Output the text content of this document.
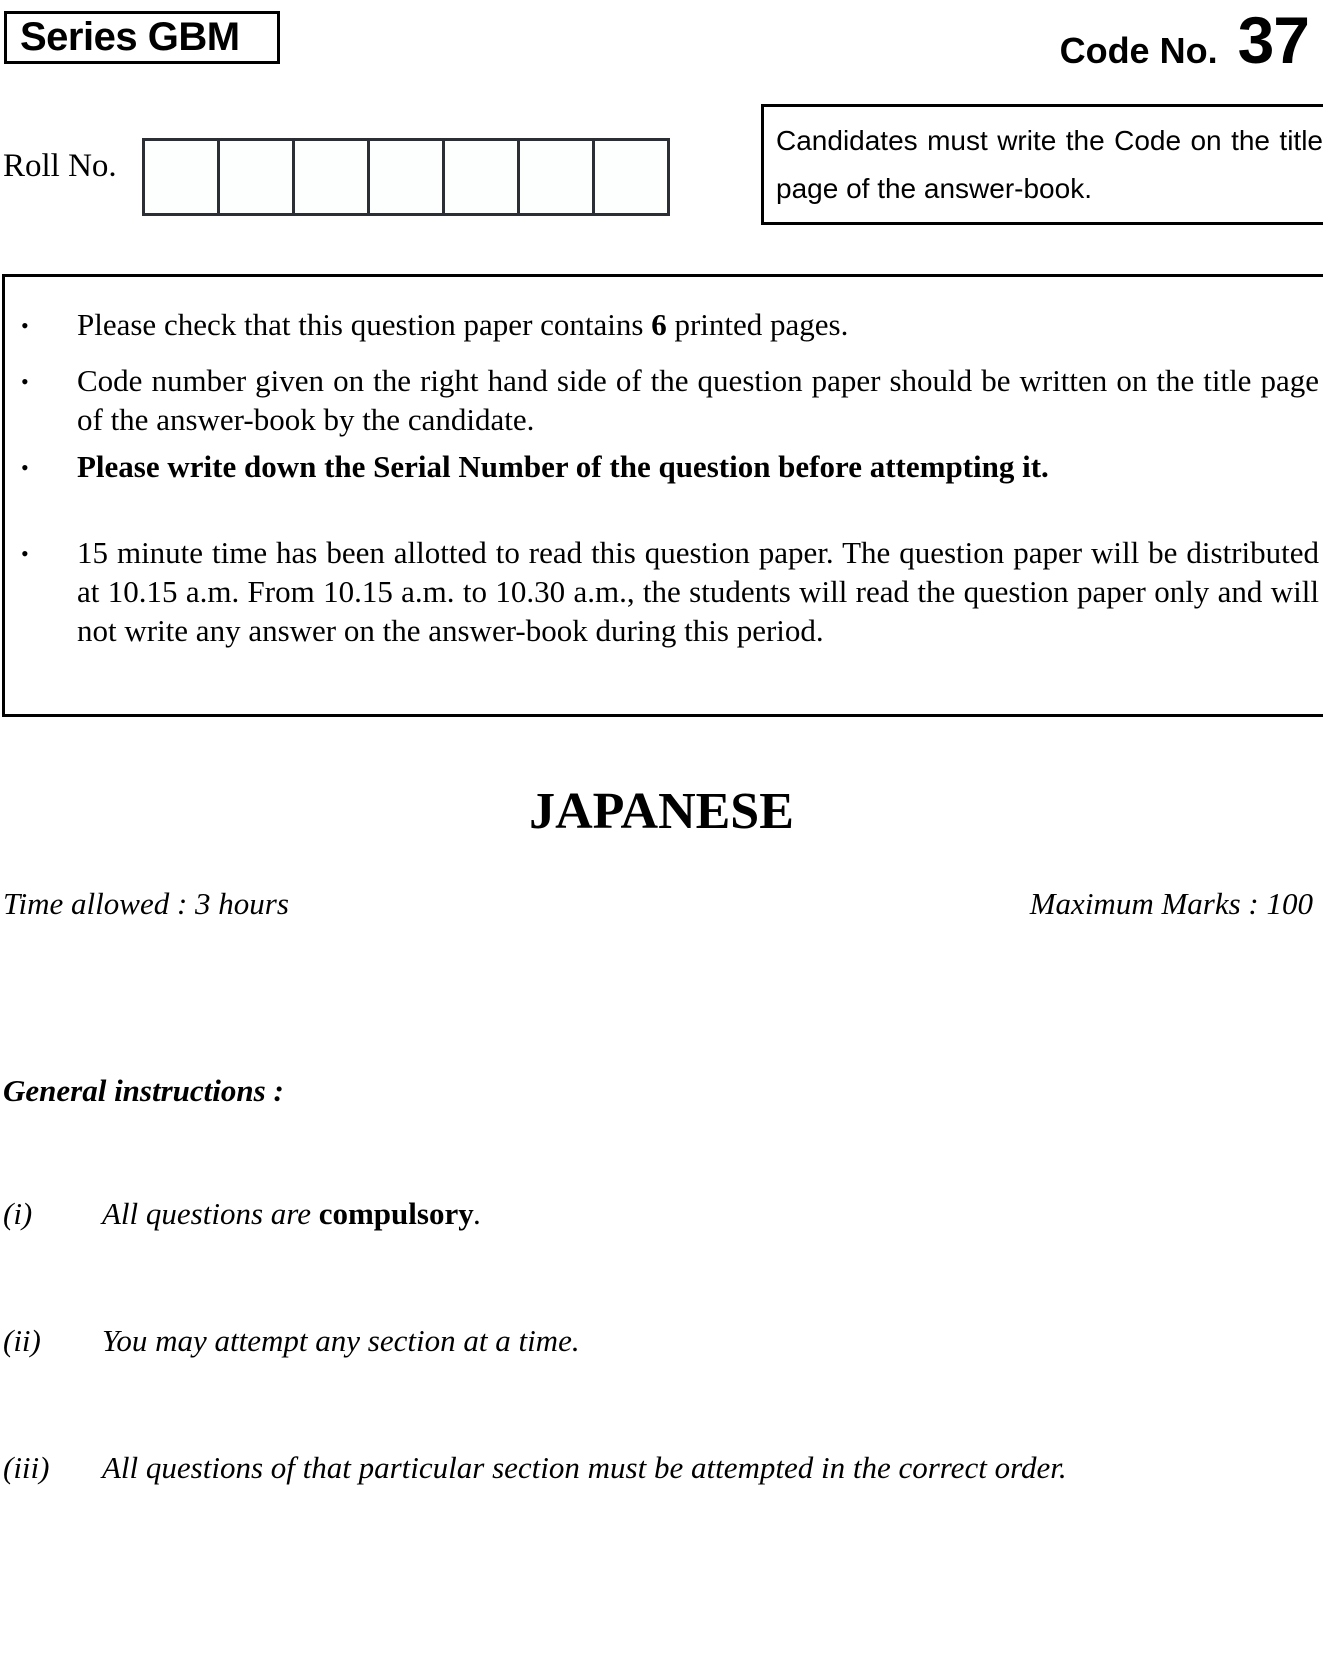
Series GBM	Code No. 37
Roll No.
Candidates must write the Code on the title page of the answer-book.
• Please check that this question paper contains 6 printed pages.
• Code number given on the right hand side of the question paper should be written on the title page of the answer-book by the candidate.
• Please write down the Serial Number of the question before attempting it.
• 15 minute time has been allotted to read this question paper. The question paper will be distributed at 10.15 a.m. From 10.15 a.m. to 10.30 a.m., the students will read the question paper only and will not write any answer on the answer-book during this period.
JAPANESE
Time allowed : 3 hours	Maximum Marks : 100
General instructions :
(i) All questions are compulsory.
(ii) You may attempt any section at a time.
(iii) All questions of that particular section must be attempted in the correct order.
